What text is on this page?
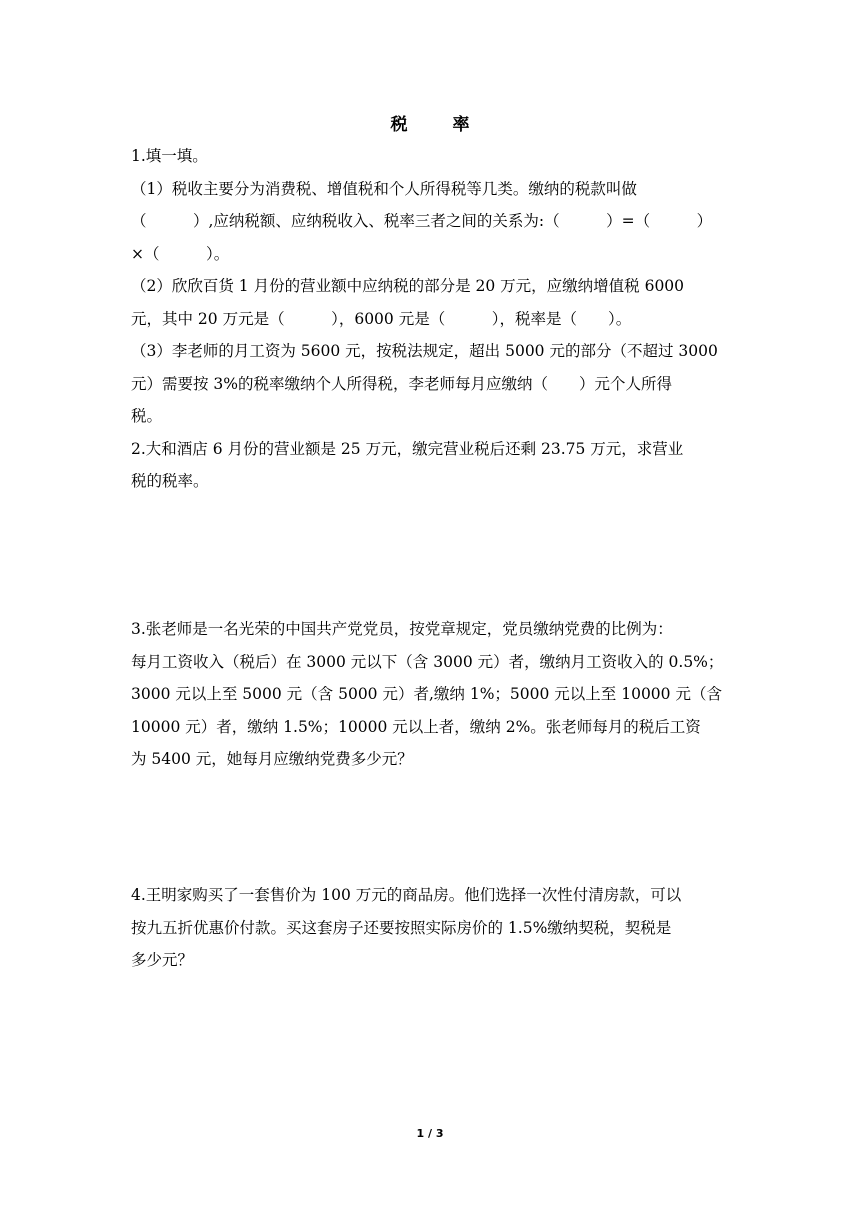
税　率
1.填一填。
（1）税收主要分为消费税、增值税和个人所得税等几类。缴纳的税款叫做
（　　　）,应纳税额、应纳税收入、税率三者之间的关系为:（　　　）=（　　　）
×（　　　）。
（2）欣欣百货 1 月份的营业额中应纳税的部分是 20 万元，应缴纳增值税 6000
元，其中 20 万元是（　　　），6000 元是（　　　），税率是（　　）。
（3）李老师的月工资为 5600 元，按税法规定，超出 5000 元的部分（不超过 3000
元）需要按 3%的税率缴纳个人所得税，李老师每月应缴纳（　　）元个人所得
税。
2.大和酒店 6 月份的营业额是 25 万元，缴完营业税后还剩 23.75 万元，求营业
税的税率。
3.张老师是一名光荣的中国共产党党员，按党章规定，党员缴纳党费的比例为：
每月工资收入（税后）在 3000 元以下（含 3000 元）者，缴纳月工资收入的 0.5%；
3000 元以上至 5000 元（含 5000 元）者,缴纳 1%；5000 元以上至 10000 元（含
10000 元）者，缴纳 1.5%；10000 元以上者，缴纳 2%。张老师每月的税后工资
为 5400 元，她每月应缴纳党费多少元？
4.王明家购买了一套售价为 100 万元的商品房。他们选择一次性付清房款，可以
按九五折优惠价付款。买这套房子还要按照实际房价的 1.5%缴纳契税，契税是
多少元？
1 / 3
